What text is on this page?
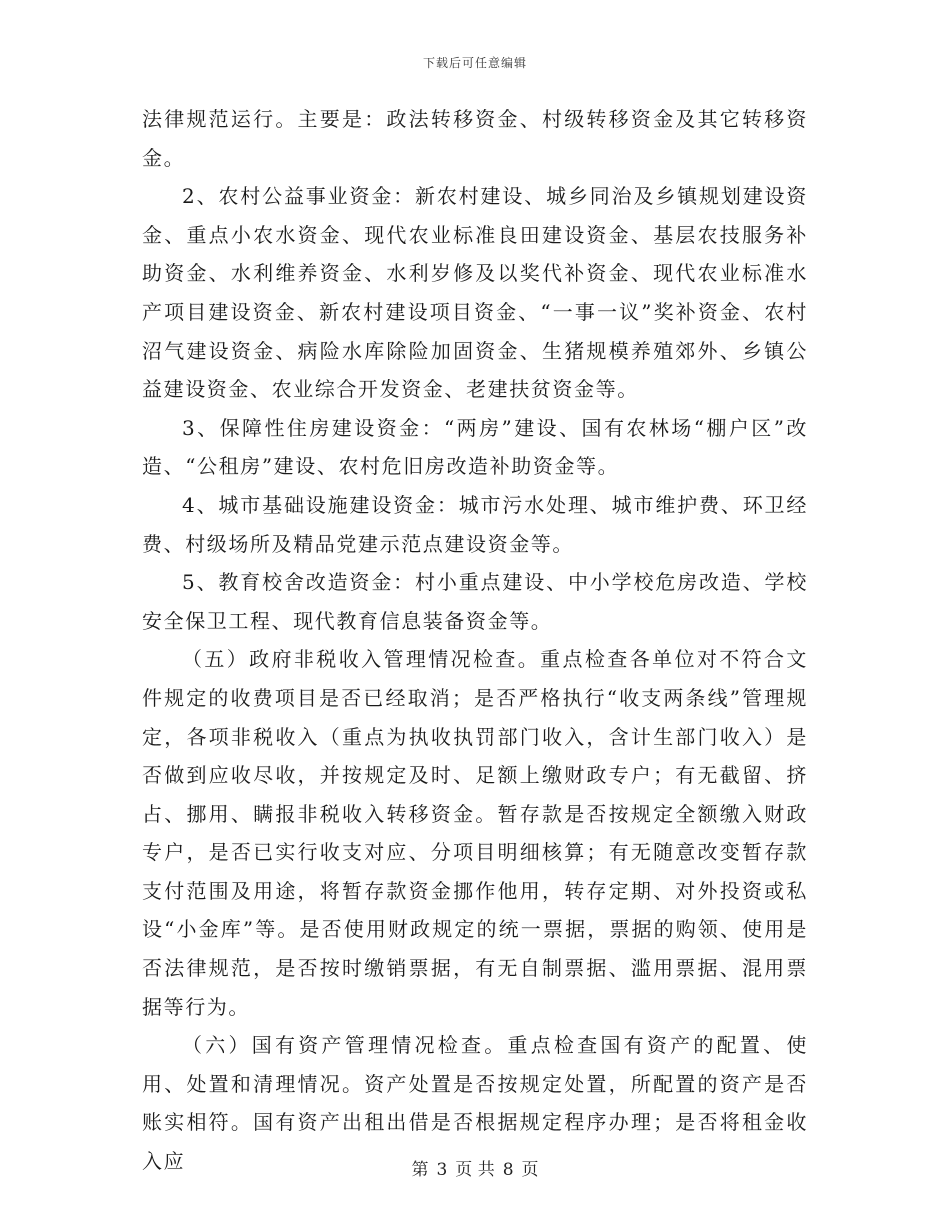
下载后可任意编辑

法律规范运行。主要是：政法转移资金、村级转移资金及其它转移资金。

2、农村公益事业资金：新农村建设、城乡同治及乡镇规划建设资金、重点小农水资金、现代农业标准良田建设资金、基层农技服务补助资金、水利维养资金、水利岁修及以奖代补资金、现代农业标准水产项目建设资金、新农村建设项目资金、“一事一议”奖补资金、农村沼气建设资金、病险水库除险加固资金、生猪规模养殖郊外、乡镇公益建设资金、农业综合开发资金、老建扶贫资金等。

3、保障性住房建设资金：“两房”建设、国有农林场“棚户区”改造、“公租房”建设、农村危旧房改造补助资金等。

4、城市基础设施建设资金：城市污水处理、城市维护费、环卫经费、村级场所及精品党建示范点建设资金等。

5、教育校舍改造资金：村小重点建设、中小学校危房改造、学校安全保卫工程、现代教育信息装备资金等。

（五）政府非税收入管理情况检查。重点检查各单位对不符合文件规定的收费项目是否已经取消；是否严格执行“收支两条线”管理规定，各项非税收入（重点为执收执罚部门收入，含计生部门收入）是否做到应收尽收，并按规定及时、足额上缴财政专户；有无截留、挤占、挪用、瞒报非税收入转移资金。暂存款是否按规定全额缴入财政专户，是否已实行收支对应、分项目明细核算；有无随意改变暂存款支付范围及用途，将暂存款资金挪作他用，转存定期、对外投资或私设“小金库”等。是否使用财政规定的统一票据，票据的购领、使用是否法律规范，是否按时缴销票据，有无自制票据、滥用票据、混用票据等行为。

（六）国有资产管理情况检查。重点检查国有资产的配置、使用、处置和清理情况。资产处置是否按规定处置，所配置的资产是否账实相符。国有资产出租出借是否根据规定程序办理；是否将租金收入应	第 3 页 共 8 页
